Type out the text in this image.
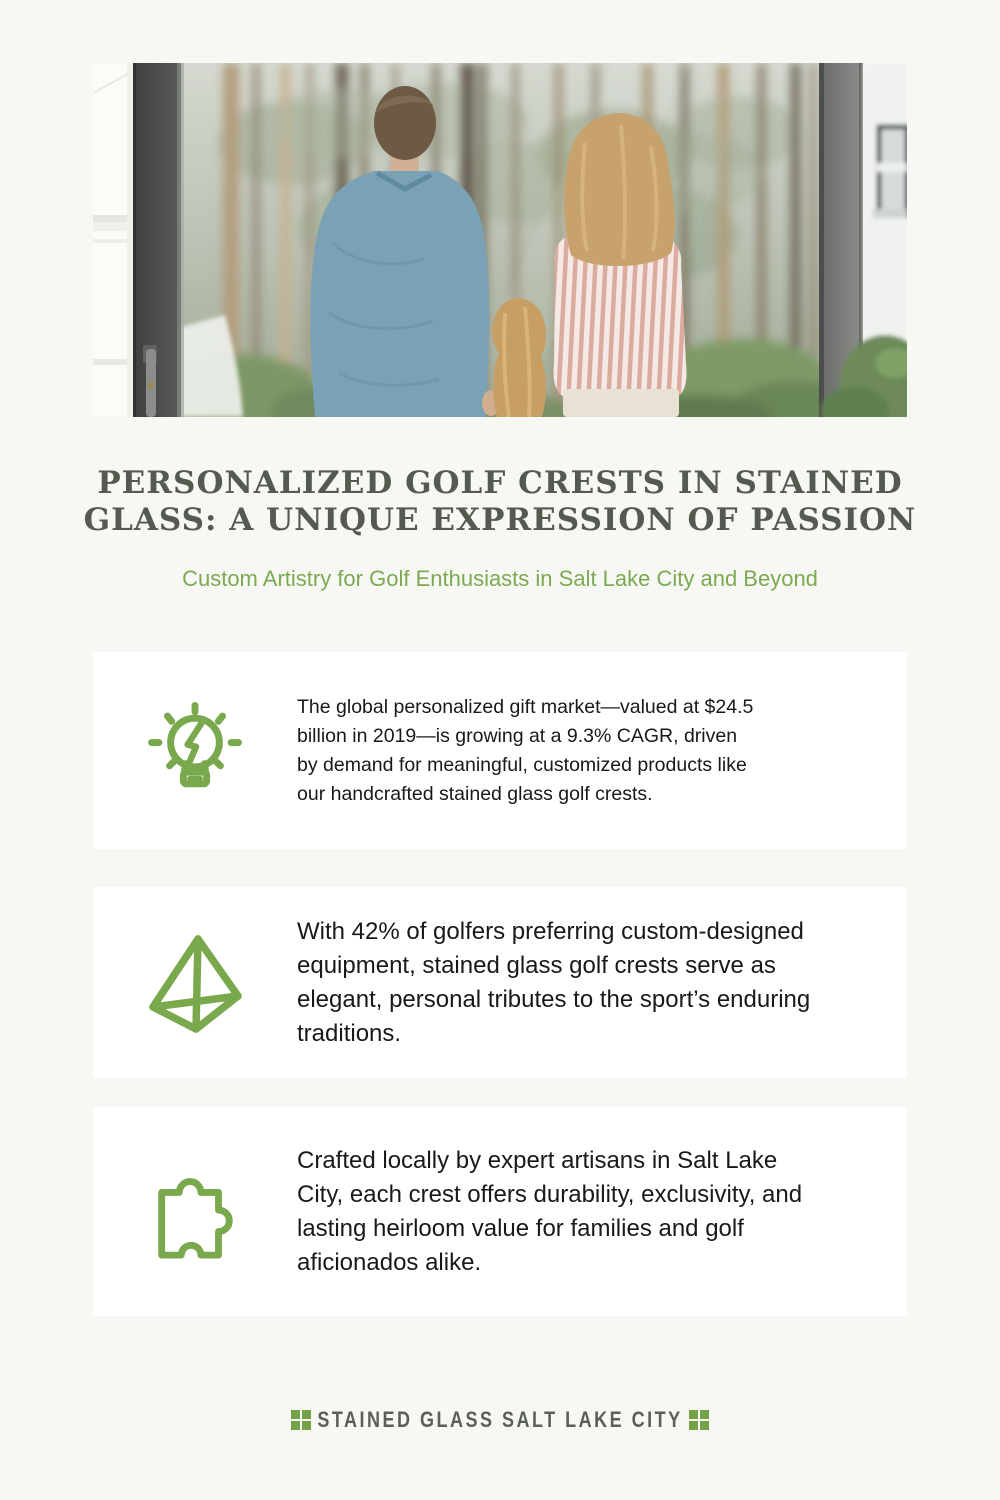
PERSONALIZED GOLF CRESTS IN STAINED GLASS: A UNIQUE EXPRESSION OF PASSION
Custom Artistry for Golf Enthusiasts in Salt Lake City and Beyond
The global personalized gift market—valued at $24.5 billion in 2019—is growing at a 9.3% CAGR, driven by demand for meaningful, customized products like our handcrafted stained glass golf crests.
With 42% of golfers preferring custom-designed equipment, stained glass golf crests serve as elegant, personal tributes to the sport’s enduring traditions.
Crafted locally by expert artisans in Salt Lake City, each crest offers durability, exclusivity, and lasting heirloom value for families and golf aficionados alike.
STAINED GLASS SALT LAKE CITY
